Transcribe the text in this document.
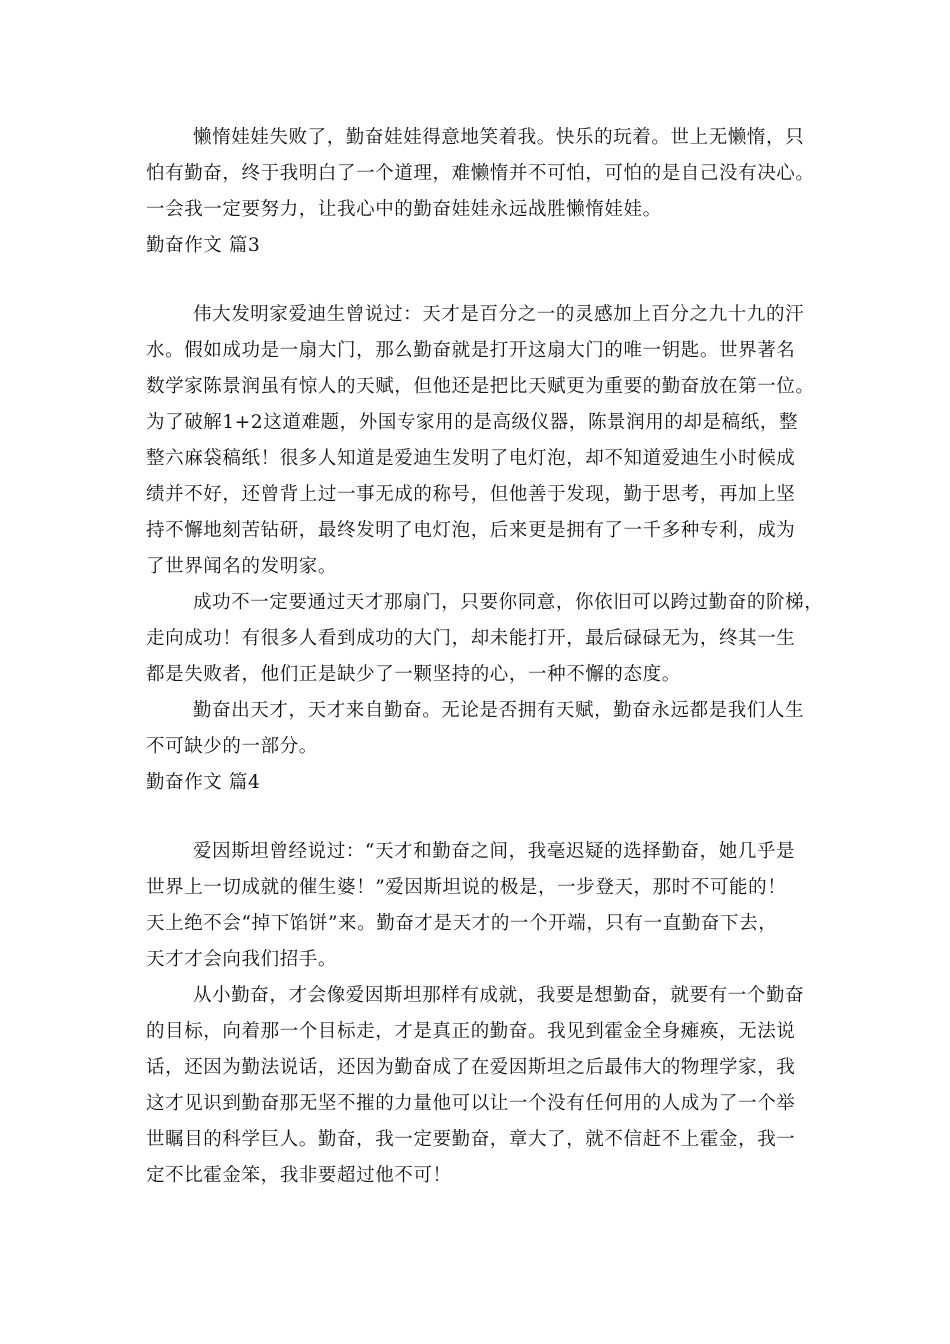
懒惰娃娃失败了，勤奋娃娃得意地笑着我。快乐的玩着。世上无懒惰，只
怕有勤奋，终于我明白了一个道理，难懒惰并不可怕，可怕的是自己没有决心。
一会我一定要努力，让我心中的勤奋娃娃永远战胜懒惰娃娃。
勤奋作文 篇3
伟大发明家爱迪生曾说过：天才是百分之一的灵感加上百分之九十九的汗
水。假如成功是一扇大门，那么勤奋就是打开这扇大门的唯一钥匙。世界著名
数学家陈景润虽有惊人的天赋，但他还是把比天赋更为重要的勤奋放在第一位。
为了破解1+2这道难题，外国专家用的是高级仪器，陈景润用的却是稿纸，整
整六麻袋稿纸！很多人知道是爱迪生发明了电灯泡，却不知道爱迪生小时候成
绩并不好，还曾背上过一事无成的称号，但他善于发现，勤于思考，再加上坚
持不懈地刻苦钻研，最终发明了电灯泡，后来更是拥有了一千多种专利，成为
了世界闻名的发明家。
成功不一定要通过天才那扇门，只要你同意，你依旧可以跨过勤奋的阶梯，
走向成功！有很多人看到成功的大门，却未能打开，最后碌碌无为，终其一生
都是失败者，他们正是缺少了一颗坚持的心，一种不懈的态度。
勤奋出天才，天才来自勤奋。无论是否拥有天赋，勤奋永远都是我们人生
不可缺少的一部分。
勤奋作文 篇4
爱因斯坦曾经说过：“天才和勤奋之间，我毫迟疑的选择勤奋，她几乎是
世界上一切成就的催生婆！”爱因斯坦说的极是，一步登天，那时不可能的！
天上绝不会“掉下馅饼”来。勤奋才是天才的一个开端，只有一直勤奋下去，
天才才会向我们招手。
从小勤奋，才会像爱因斯坦那样有成就，我要是想勤奋，就要有一个勤奋
的目标，向着那一个目标走，才是真正的勤奋。我见到霍金全身瘫痪，无法说
话，还因为勤法说话，还因为勤奋成了在爱因斯坦之后最伟大的物理学家，我
这才见识到勤奋那无坚不摧的力量他可以让一个没有任何用的人成为了一个举
世瞩目的科学巨人。勤奋，我一定要勤奋，章大了，就不信赶不上霍金，我一
定不比霍金笨，我非要超过他不可！
